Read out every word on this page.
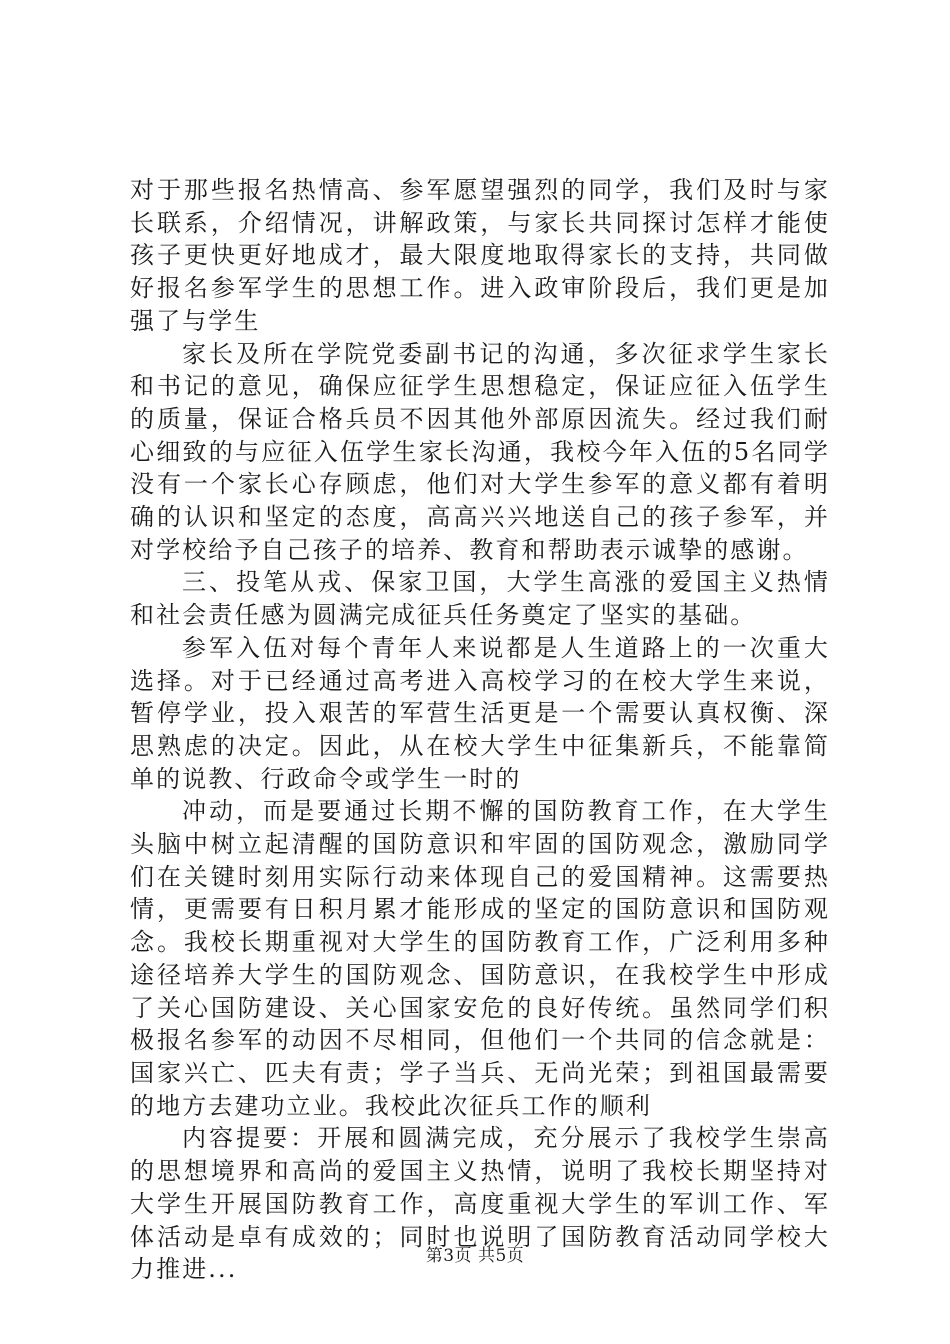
对于那些报名热情高、参军愿望强烈的同学，我们及时与家长联系，介绍情况，讲解政策，与家长共同探讨怎样才能使孩子更快更好地成才，最大限度地取得家长的支持，共同做好报名参军学生的思想工作。进入政审阶段后，我们更是加强了与学生

家长及所在学院党委副书记的沟通，多次征求学生家长和书记的意见，确保应征学生思想稳定，保证应征入伍学生的质量，保证合格兵员不因其他外部原因流失。经过我们耐心细致的与应征入伍学生家长沟通，我校今年入伍的5名同学没有一个家长心存顾虑，他们对大学生参军的意义都有着明确的认识和坚定的态度，高高兴兴地送自己的孩子参军，并对学校给予自己孩子的培养、教育和帮助表示诚挚的感谢。

三、投笔从戎、保家卫国，大学生高涨的爱国主义热情和社会责任感为圆满完成征兵任务奠定了坚实的基础。

参军入伍对每个青年人来说都是人生道路上的一次重大选择。对于已经通过高考进入高校学习的在校大学生来说，暂停学业，投入艰苦的军营生活更是一个需要认真权衡、深思熟虑的决定。因此，从在校大学生中征集新兵，不能靠简单的说教、行政命令或学生一时的

冲动，而是要通过长期不懈的国防教育工作，在大学生头脑中树立起清醒的国防意识和牢固的国防观念，激励同学们在关键时刻用实际行动来体现自己的爱国精神。这需要热情，更需要有日积月累才能形成的坚定的国防意识和国防观念。我校长期重视对大学生的国防教育工作，广泛利用多种途径培养大学生的国防观念、国防意识，在我校学生中形成了关心国防建设、关心国家安危的良好传统。虽然同学们积极报名参军的动因不尽相同，但他们一个共同的信念就是：国家兴亡、匹夫有责；学子当兵、无尚光荣；到祖国最需要的地方去建功立业。我校此次征兵工作的顺利

内容提要：开展和圆满完成，充分展示了我校学生崇高的思想境界和高尚的爱国主义热情，说明了我校长期坚持对大学生开展国防教育工作，高度重视大学生的军训工作、军体活动是卓有成效的；同时也说明了国防教育活动同学校大力推进...	第3页 共5页
